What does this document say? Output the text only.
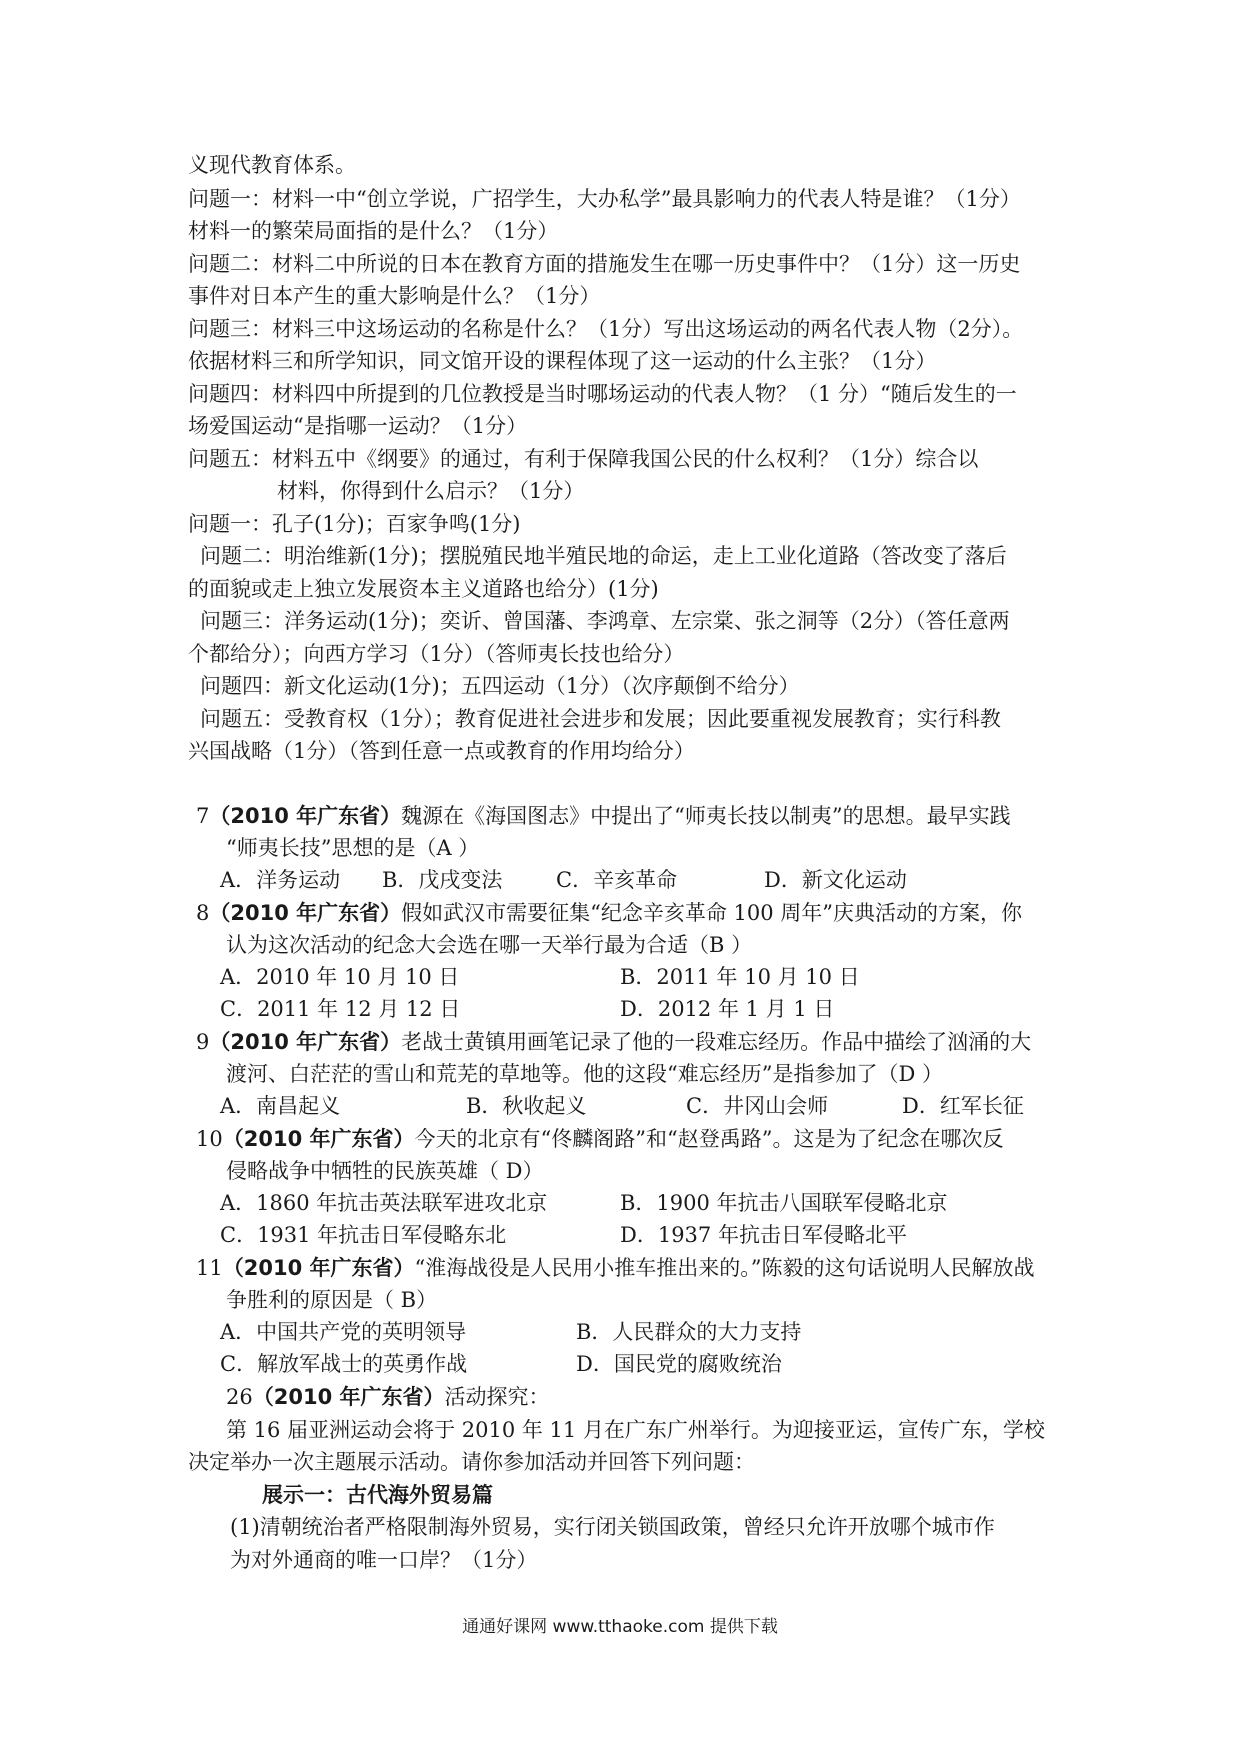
义现代教育体系。
问题一：材料一中“创立学说，广招学生，大办私学”最具影响力的代表人特是谁？（1分）
材料一的繁荣局面指的是什么？（1分）
问题二：材料二中所说的日本在教育方面的措施发生在哪一历史事件中？（1分）这一历史
事件对日本产生的重大影响是什么？（1分）
问题三：材料三中这场运动的名称是什么？（1分）写出这场运动的两名代表人物（2分）。
依据材料三和所学知识，同文馆开设的课程体现了这一运动的什么主张？（1分）
问题四：材料四中所提到的几位教授是当时哪场运动的代表人物？（1 分）“随后发生的一
场爱国运动“是指哪一运动？（1分）
问题五：材料五中《纲要》的通过，有利于保障我国公民的什么权利？（1分）综合以
材料，你得到什么启示？（1分）
问题一：孔子(1分)；百家争鸣(1分)
问题二：明治维新(1分)；摆脱殖民地半殖民地的命运，走上工业化道路（答改变了落后
的面貌或走上独立发展资本主义道路也给分）(1分)
问题三：洋务运动(1分)；奕䜣、曾国藩、李鸿章、左宗棠、张之洞等（2分）（答任意两
个都给分）；向西方学习（1分）（答师夷长技也给分）
问题四：新文化运动(1分)；五四运动（1分）（次序颠倒不给分）
问题五：受教育权（1分）；教育促进社会进步和发展；因此要重视发展教育；实行科教
兴国战略（1分）（答到任意一点或教育的作用均给分）
7（2010 年广东省）魏源在《海国图志》中提出了“师夷长技以制夷”的思想。最早实践
“师夷长技”思想的是（A ）
A．洋务运动 B．戊戌变法	C．辛亥革命	D．新文化运动
8（2010 年广东省）假如武汉市需要征集“纪念辛亥革命 100 周年”庆典活动的方案，你
认为这次活动的纪念大会选在哪一天举行最为合适（B ）
A．2010 年 10 月 10 日	B．2011 年 10 月 10 日
C．2011 年 12 月 12 日	D．2012 年 1 月 1 日
9（2010 年广东省）老战士黄镇用画笔记录了他的一段难忘经历。作品中描绘了汹涌的大
渡河、白茫茫的雪山和荒芜的草地等。他的这段“难忘经历”是指参加了（D ）
A．南昌起义	B．秋收起义	C．井冈山会师	D．红军长征
10（2010 年广东省）今天的北京有“佟麟阁路”和“赵登禹路”。这是为了纪念在哪次反
侵略战争中牺牲的民族英雄（ D）
A．1860 年抗击英法联军进攻北京	B．1900 年抗击八国联军侵略北京
C．1931 年抗击日军侵略东北	D．1937 年抗击日军侵略北平
11（2010 年广东省）“淮海战役是人民用小推车推出来的。”陈毅的这句话说明人民解放战
争胜利的原因是（ B）
A．中国共产党的英明领导	B．人民群众的大力支持
C．解放军战士的英勇作战	D．国民党的腐败统治
26（2010 年广东省）活动探究：
第 16 届亚洲运动会将于 2010 年 11 月在广东广州举行。为迎接亚运，宣传广东，学校
决定举办一次主题展示活动。请你参加活动并回答下列问题：
展示一：古代海外贸易篇
(1)清朝统治者严格限制海外贸易，实行闭关锁国政策，曾经只允许开放哪个城市作
为对外通商的唯一口岸？（1分）
通通好课网 www.tthaoke.com 提供下载
